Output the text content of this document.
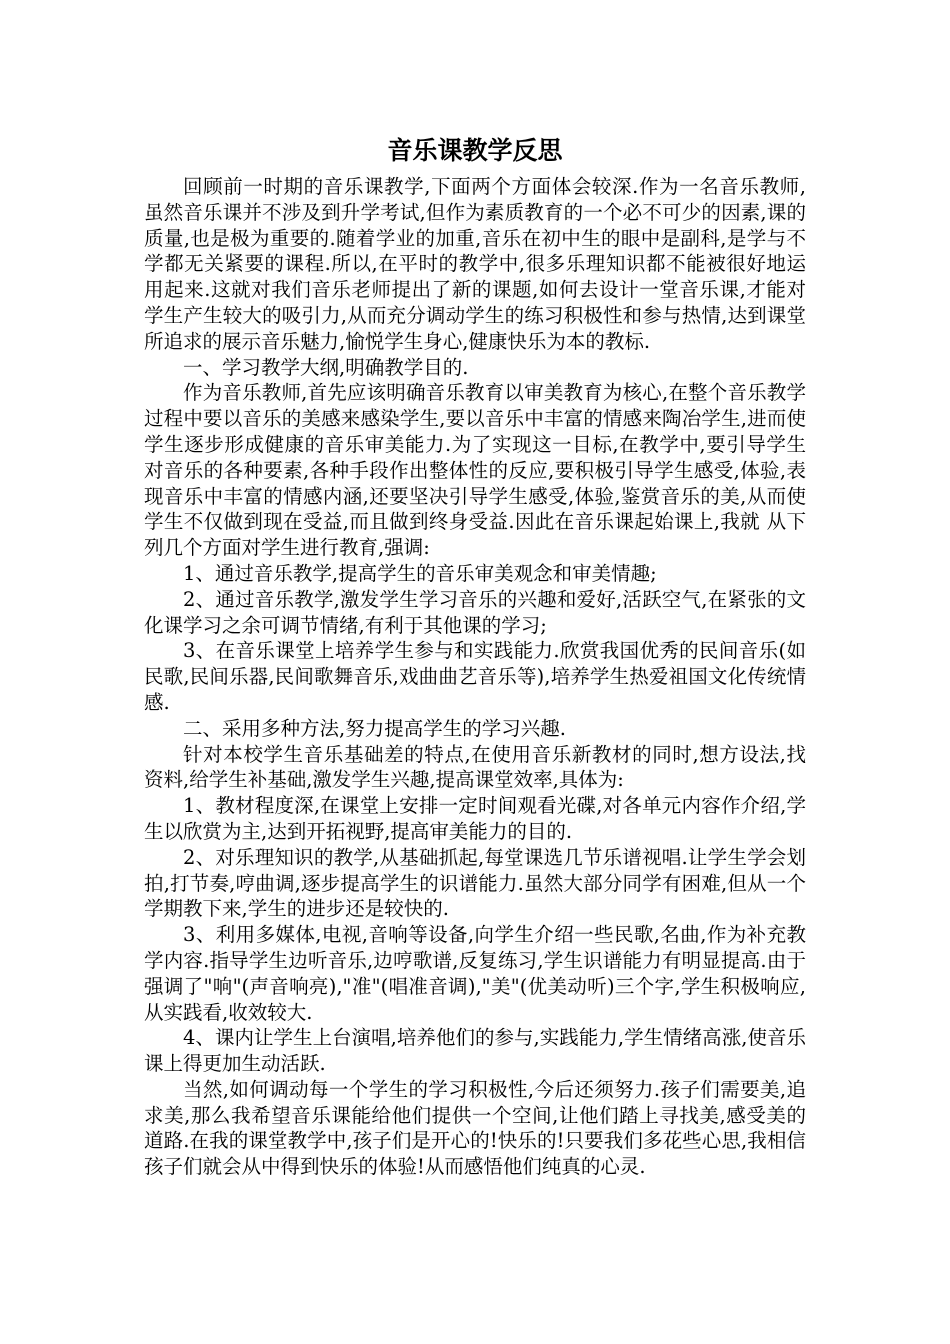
音乐课教学反思

回顾前一时期的音乐课教学,下面两个方面体会较深.作为一名音乐教师,虽然音乐课并不涉及到升学考试,但作为素质教育的一个必不可少的因素,课的质量,也是极为重要的.随着学业的加重,音乐在初中生的眼中是副科,是学与不学都无关紧要的课程.所以,在平时的教学中,很多乐理知识都不能被很好地运用起来.这就对我们音乐老师提出了新的课题,如何去设计一堂音乐课,才能对学生产生较大的吸引力,从而充分调动学生的练习积极性和参与热情,达到课堂所追求的展示音乐魅力,愉悦学生身心,健康快乐为本的教标.

一、学习教学大纲,明确教学目的.

作为音乐教师,首先应该明确音乐教育以审美教育为核心,在整个音乐教学过程中要以音乐的美感来感染学生,要以音乐中丰富的情感来陶冶学生,进而使学生逐步形成健康的音乐审美能力.为了实现这一目标,在教学中,要引导学生对音乐的各种要素,各种手段作出整体性的反应,要积极引导学生感受,体验,表现音乐中丰富的情感内涵,还要坚决引导学生感受,体验,鉴赏音乐的美,从而使学生不仅做到现在受益,而且做到终身受益.因此在音乐课起始课上,我就 从下列几个方面对学生进行教育,强调:

1、通过音乐教学,提高学生的音乐审美观念和审美情趣;

2、通过音乐教学,激发学生学习音乐的兴趣和爱好,活跃空气,在紧张的文化课学习之余可调节情绪,有利于其他课的学习;

3、在音乐课堂上培养学生参与和实践能力.欣赏我国优秀的民间音乐(如民歌,民间乐器,民间歌舞音乐,戏曲曲艺音乐等),培养学生热爱祖国文化传统情感.

二、采用多种方法,努力提高学生的学习兴趣.

针对本校学生音乐基础差的特点,在使用音乐新教材的同时,想方设法,找资料,给学生补基础,激发学生兴趣,提高课堂效率,具体为:

1、教材程度深,在课堂上安排一定时间观看光碟,对各单元内容作介绍,学生以欣赏为主,达到开拓视野,提高审美能力的目的.

2、对乐理知识的教学,从基础抓起,每堂课选几节乐谱视唱.让学生学会划拍,打节奏,哼曲调,逐步提高学生的识谱能力.虽然大部分同学有困难,但从一个学期教下来,学生的进步还是较快的.

3、利用多媒体,电视,音响等设备,向学生介绍一些民歌,名曲,作为补充教学内容.指导学生边听音乐,边哼歌谱,反复练习,学生识谱能力有明显提高.由于强调了"响"(声音响亮),"准"(唱准音调),"美"(优美动听)三个字,学生积极响应,从实践看,收效较大.

4、课内让学生上台演唱,培养他们的参与,实践能力,学生情绪高涨,使音乐课上得更加生动活跃.

当然,如何调动每一个学生的学习积极性,今后还须努力.孩子们需要美,追求美,那么我希望音乐课能给他们提供一个空间,让他们踏上寻找美,感受美的道路.在我的课堂教学中,孩子们是开心的!快乐的!只要我们多花些心思,我相信孩子们就会从中得到快乐的体验!从而感悟他们纯真的心灵.
